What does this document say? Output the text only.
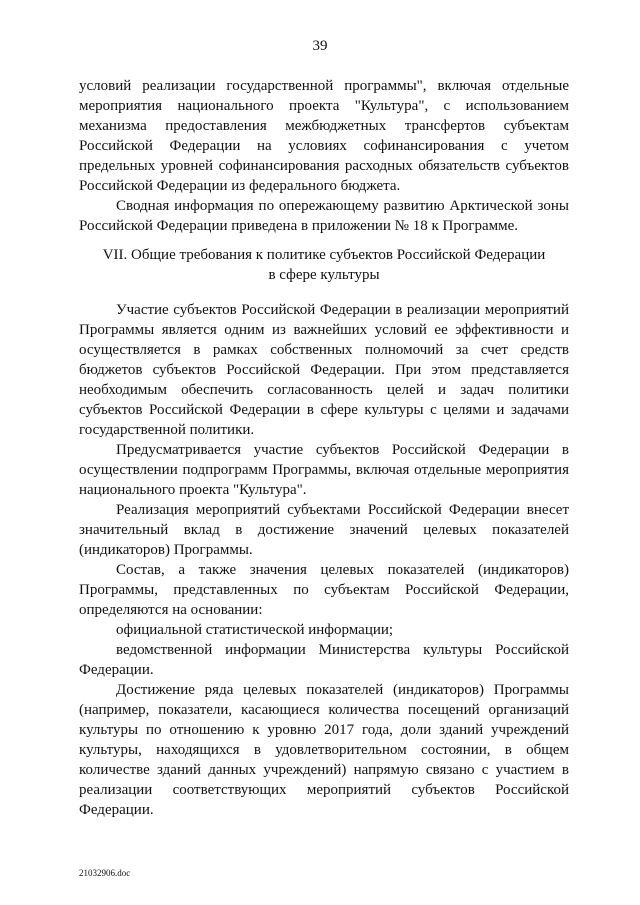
39

условий реализации государственной программы", включая отдельные мероприятия национального проекта "Культура", с использованием механизма предоставления межбюджетных трансфертов субъектам Российской Федерации на условиях софинансирования с учетом предельных уровней софинансирования расходных обязательств субъектов Российской Федерации из федерального бюджета.

Сводная информация по опережающему развитию Арктической зоны Российской Федерации приведена в приложении № 18 к Программе.

VII. Общие требования к политике субъектов Российской Федерации
в сфере культуры

Участие субъектов Российской Федерации в реализации мероприятий Программы является одним из важнейших условий ее эффективности и осуществляется в рамках собственных полномочий за счет средств бюджетов субъектов Российской Федерации. При этом представляется необходимым обеспечить согласованность целей и задач политики субъектов Российской Федерации в сфере культуры с целями и задачами государственной политики.

Предусматривается участие субъектов Российской Федерации в осуществлении подпрограмм Программы, включая отдельные мероприятия национального проекта "Культура".

Реализация мероприятий субъектами Российской Федерации внесет значительный вклад в достижение значений целевых показателей (индикаторов) Программы.

Состав, а также значения целевых показателей (индикаторов) Программы, представленных по субъектам Российской Федерации, определяются на основании:

официальной статистической информации;

ведомственной информации Министерства культуры Российской Федерации.

Достижение ряда целевых показателей (индикаторов) Программы (например, показатели, касающиеся количества посещений организаций культуры по отношению к уровню 2017 года, доли зданий учреждений культуры, находящихся в удовлетворительном состоянии, в общем количестве зданий данных учреждений) напрямую связано с участием в реализации соответствующих мероприятий субъектов Российской Федерации.

21032906.doc
